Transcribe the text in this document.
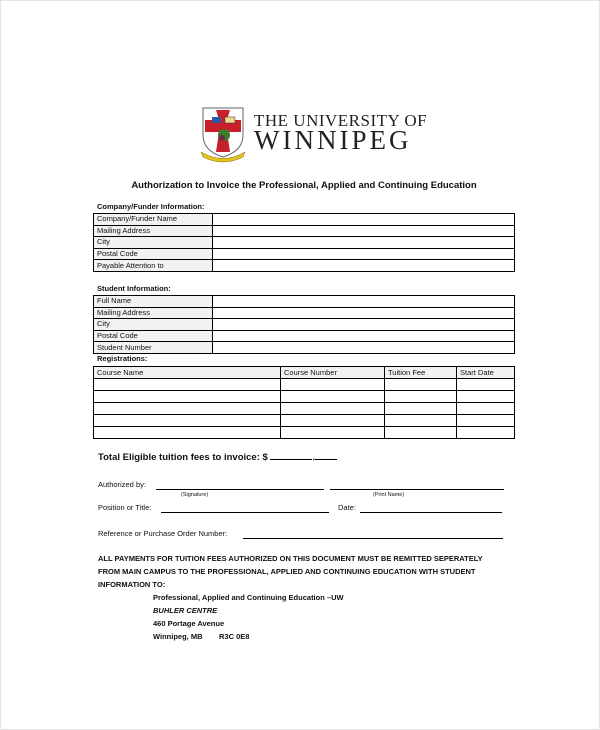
THE UNIVERSITY OF
WINNIPEG
Authorization to Invoice the Professional, Applied and Continuing Education
Company/Funder Information:
Company/Funder Name	
Mailing Address	
City	
Postal Code	
Payable Attention to	
Student Information:
Full Name	
Mailing Address	
City	
Postal Code	
Student Number	
Registrations:
Course Name	Course Number	Tuition Fee	Start Date

Total Eligible tuition fees to invoice: $	.
Authorized by:
(Signature)	(Print Name)
Position or Title:	Date:
Reference or Purchase Order Number:
ALL PAYMENTS FOR TUITION FEES AUTHORIZED ON THIS DOCUMENT MUST BE REMITTED SEPERATELY
FROM MAIN CAMPUS TO THE PROFESSIONAL, APPLIED AND CONTINUING EDUCATION WITH STUDENT
INFORMATION TO:
Professional, Applied and Continuing Education –UW
BUHLER CENTRE
460 Portage Avenue
Winnipeg, MB R3C 0E8
